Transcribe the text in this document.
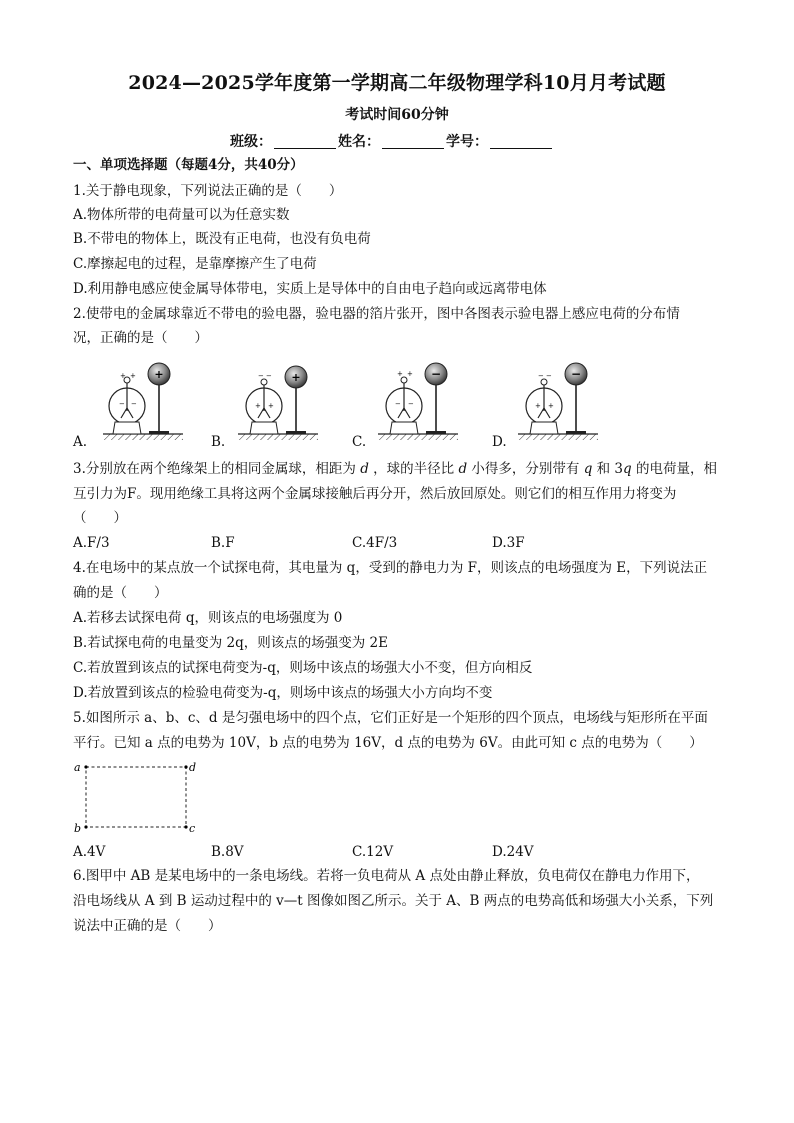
2024—2025学年度第一学期高二年级物理学科10月月考试题
考试时间60分钟
班级：	姓名：	学号：
一、单项选择题（每题4分，共40分）
1.关于静电现象，下列说法正确的是（　　）
A.物体所带的电荷量可以为任意实数
B.不带电的物体上，既没有正电荷，也没有负电荷
C.摩擦起电的过程，是靠摩擦产生了电荷
D.利用静电感应使金属导体带电，实质上是导体中的自由电子趋向或远离带电体
2.使带电的金属球靠近不带电的验电器，验电器的箔片张开，图中各图表示验电器上感应电荷的分布情
况，正确的是（　　）
+ +
− −
+	− −
+ +
+	+ +
− −
−	− −
+ +
−
A.	B.	C.	D.
3.分别放在两个绝缘架上的相同金属球，相距为 d ，球的半径比 d 小得多，分别带有 q 和 3q 的电荷量，相
互引力为F。现用绝缘工具将这两个金属球接触后再分开，然后放回原处。则它们的相互作用力将变为
（　　）
A.F/3	B.F	C.4F/3	D.3F
4.在电场中的某点放一个试探电荷，其电量为 q，受到的静电力为 F，则该点的电场强度为 E，下列说法正
确的是（　　）
A.若移去试探电荷 q，则该点的电场强度为 0
B.若试探电荷的电量变为 2q，则该点的场强变为 2E
C.若放置到该点的试探电荷变为-q，则场中该点的场强大小不变，但方向相反
D.若放置到该点的检验电荷变为-q，则场中该点的场强大小方向均不变
5.如图所示 a、b、c、d 是匀强电场中的四个点，它们正好是一个矩形的四个顶点，电场线与矩形所在平面
平行。已知 a 点的电势为 10V，b 点的电势为 16V，d 点的电势为 6V。由此可知 c 点的电势为（　　）
a	d
b	c
A.4V	B.8V	C.12V	D.24V
6.图甲中 AB 是某电场中的一条电场线。若将一负电荷从 A 点处由静止释放，负电荷仅在静电力作用下，
沿电场线从 A 到 B 运动过程中的 v—t 图像如图乙所示。关于 A、B 两点的电势高低和场强大小关系，下列
说法中正确的是（　　）
